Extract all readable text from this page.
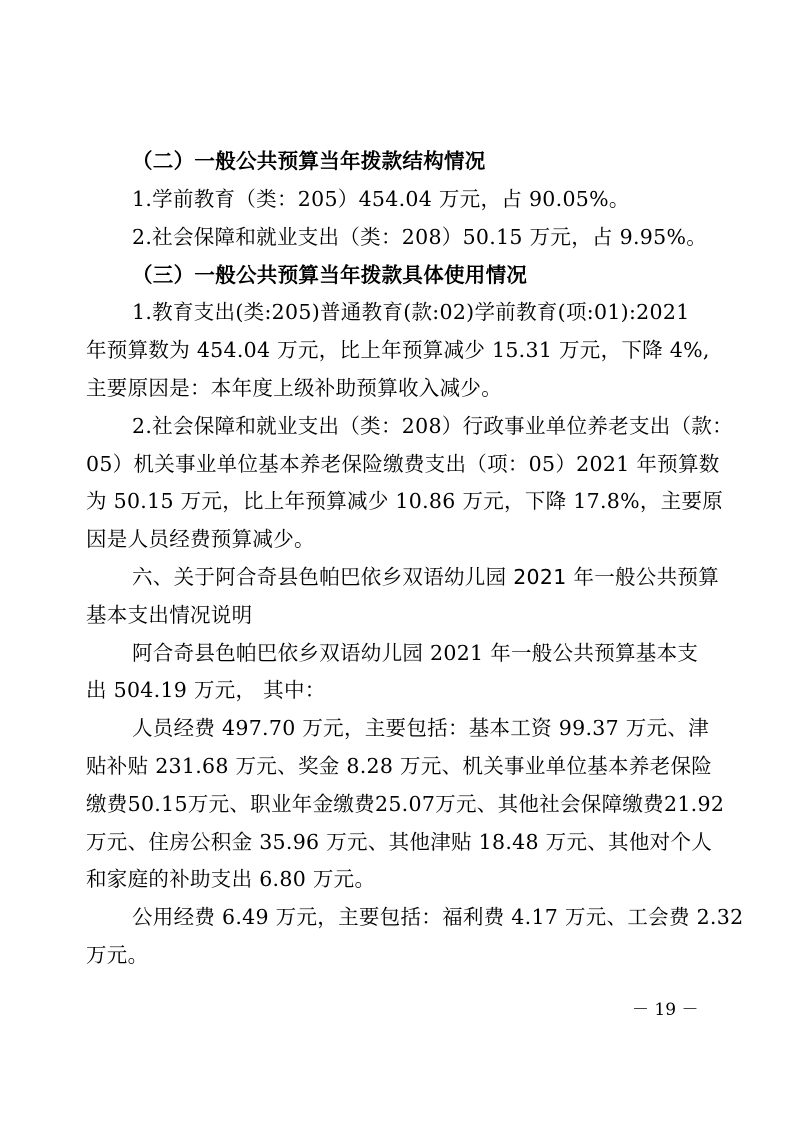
（二）一般公共预算当年拨款结构情况
1.学前教育（类：205）454.04 万元，占 90.05%。
2.社会保障和就业支出（类：208）50.15 万元，占 9.95%。
（三）一般公共预算当年拨款具体使用情况
1.教育支出(类:205)普通教育(款:02)学前教育(项:01):2021
年预算数为 454.04 万元，比上年预算减少 15.31 万元，下降 4%,
主要原因是：本年度上级补助预算收入减少。
2.社会保障和就业支出（类：208）行政事业单位养老支出（款：
05）机关事业单位基本养老保险缴费支出（项：05）2021 年预算数
为 50.15 万元，比上年预算减少 10.86 万元，下降 17.8%，主要原
因是人员经费预算减少。
六、关于阿合奇县色帕巴依乡双语幼儿园 2021 年一般公共预算
基本支出情况说明
阿合奇县色帕巴依乡双语幼儿园 2021 年一般公共预算基本支
出 504.19 万元， 其中：
人员经费 497.70 万元，主要包括：基本工资 99.37 万元、津
贴补贴 231.68 万元、奖金 8.28 万元、机关事业单位基本养老保险
缴费50.15万元、职业年金缴费25.07万元、其他社会保障缴费21.92
万元、住房公积金 35.96 万元、其他津贴 18.48 万元、其他对个人
和家庭的补助支出 6.80 万元。
公用经费 6.49 万元，主要包括：福利费 4.17 万元、工会费 2.32
万元。
－ 19 －
